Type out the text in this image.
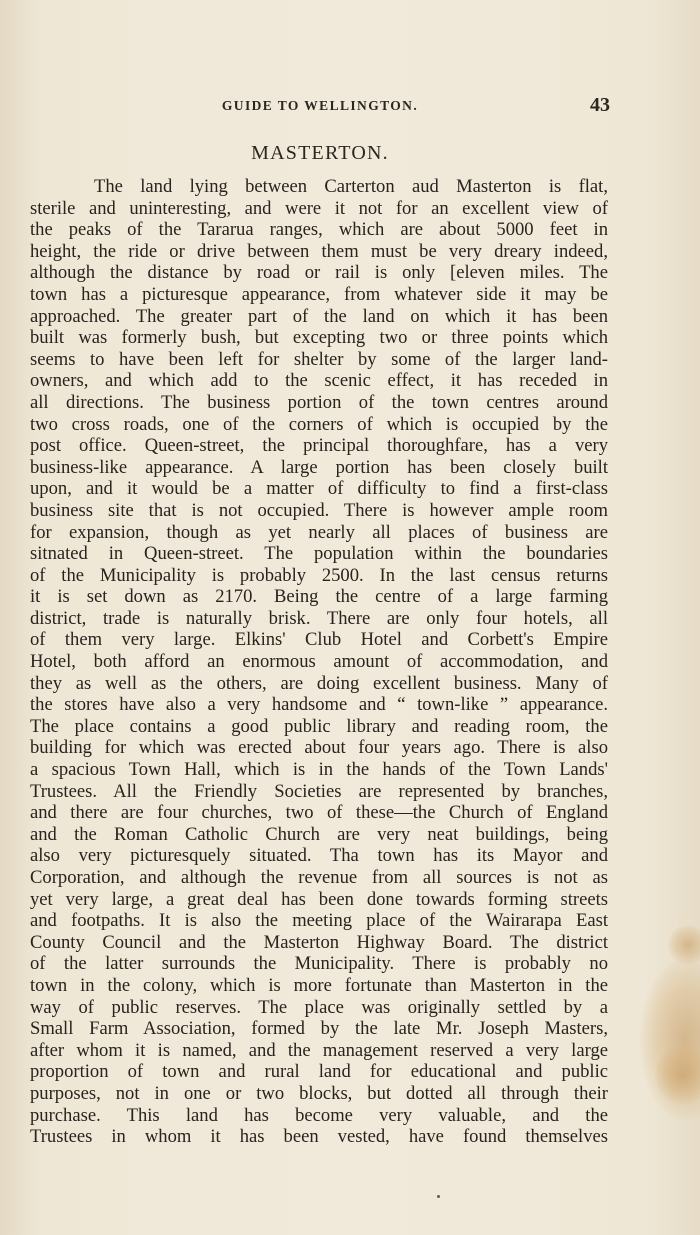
GUIDE TO WELLINGTON.	43
MASTERTON.
The land lying between Carterton aud Masterton is flat,
sterile and uninteresting, and were it not for an excellent view of
the peaks of the Tararua ranges, which are about 5000 feet in
height, the ride or drive between them must be very dreary indeed,
although the distance by road or rail is only [eleven miles. The
town has a picturesque appearance, from whatever side it may be
approached. The greater part of the land on which it has been
built was formerly bush, but excepting two or three points which
seems to have been left for shelter by some of the larger land-
owners, and which add to the scenic effect, it has receded in
all directions. The business portion of the town centres around
two cross roads, one of the corners of which is occupied by the
post office. Queen-street, the principal thoroughfare, has a very
business-like appearance. A large portion has been closely built
upon, and it would be a matter of difficulty to find a first-class
business site that is not occupied. There is however ample room
for expansion, though as yet nearly all places of business are
sitnated in Queen-street. The population within the boundaries
of the Municipality is probably 2500. In the last census returns
it is set down as 2170. Being the centre of a large farming
district, trade is naturally brisk. There are only four hotels, all
of them very large. Elkins' Club Hotel and Corbett's Empire
Hotel, both afford an enormous amount of accommodation, and
they as well as the others, are doing excellent business. Many of
the stores have also a very handsome and “ town-like ” appearance.
The place contains a good public library and reading room, the
building for which was erected about four years ago. There is also
a spacious Town Hall, which is in the hands of the Town Lands'
Trustees. All the Friendly Societies are represented by branches,
and there are four churches, two of these—the Church of England
and the Roman Catholic Church are very neat buildings, being
also very picturesquely situated. Tha town has its Mayor and
Corporation, and although the revenue from all sources is not as
yet very large, a great deal has been done towards forming streets
and footpaths. It is also the meeting place of the Wairarapa East
County Council and the Masterton Highway Board. The district
of the latter surrounds the Municipality. There is probably no
town in the colony, which is more fortunate than Masterton in the
way of public reserves. The place was originally settled by a
Small Farm Association, formed by the late Mr. Joseph Masters,
after whom it is named, and the management reserved a very large
proportion of town and rural land for educational and public
purposes, not in one or two blocks, but dotted all through their
purchase. This land has become very valuable, and the
Trustees in whom it has been vested, have found themselves
